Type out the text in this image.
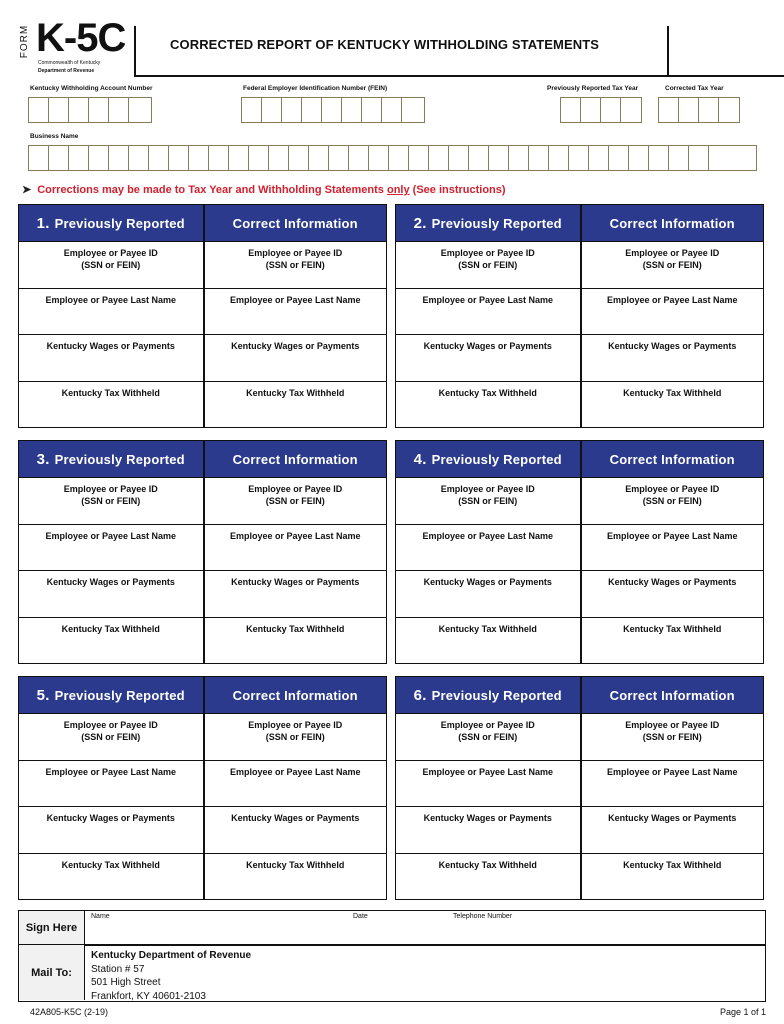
FORM K-5C
Commonwealth of Kentucky
Department of Revenue
CORRECTED REPORT OF KENTUCKY WITHHOLDING STATEMENTS
Kentucky Withholding Account Number	Federal Employer Identification Number (FEIN)	Previously Reported Tax Year	Corrected Tax Year
Business Name
➤ Corrections may be made to Tax Year and Withholding Statements only (See instructions)
1. Previously Reported
Employee or Payee ID
(SSN or FEIN)
Employee or Payee Last Name
Kentucky Wages or Payments
Kentucky Tax Withheld
Correct Information
Employee or Payee ID
(SSN or FEIN)
Employee or Payee Last Name
Kentucky Wages or Payments
Kentucky Tax Withheld
2. Previously Reported
Employee or Payee ID
(SSN or FEIN)
Employee or Payee Last Name
Kentucky Wages or Payments
Kentucky Tax Withheld
Correct Information
Employee or Payee ID
(SSN or FEIN)
Employee or Payee Last Name
Kentucky Wages or Payments
Kentucky Tax Withheld
3. Previously Reported
Employee or Payee ID
(SSN or FEIN)
Employee or Payee Last Name
Kentucky Wages or Payments
Kentucky Tax Withheld
Correct Information
Employee or Payee ID
(SSN or FEIN)
Employee or Payee Last Name
Kentucky Wages or Payments
Kentucky Tax Withheld
4. Previously Reported
Employee or Payee ID
(SSN or FEIN)
Employee or Payee Last Name
Kentucky Wages or Payments
Kentucky Tax Withheld
Correct Information
Employee or Payee ID
(SSN or FEIN)
Employee or Payee Last Name
Kentucky Wages or Payments
Kentucky Tax Withheld
5. Previously Reported
Employee or Payee ID
(SSN or FEIN)
Employee or Payee Last Name
Kentucky Wages or Payments
Kentucky Tax Withheld
Correct Information
Employee or Payee ID
(SSN or FEIN)
Employee or Payee Last Name
Kentucky Wages or Payments
Kentucky Tax Withheld
6. Previously Reported
Employee or Payee ID
(SSN or FEIN)
Employee or Payee Last Name
Kentucky Wages or Payments
Kentucky Tax Withheld
Correct Information
Employee or Payee ID
(SSN or FEIN)
Employee or Payee Last Name
Kentucky Wages or Payments
Kentucky Tax Withheld
Sign Here
Name	Date	Telephone Number
Mail To:
Kentucky Department of Revenue
Station # 57
501 High Street
Frankfort, KY 40601-2103
42A805-K5C (2-19)	Page 1 of 1
